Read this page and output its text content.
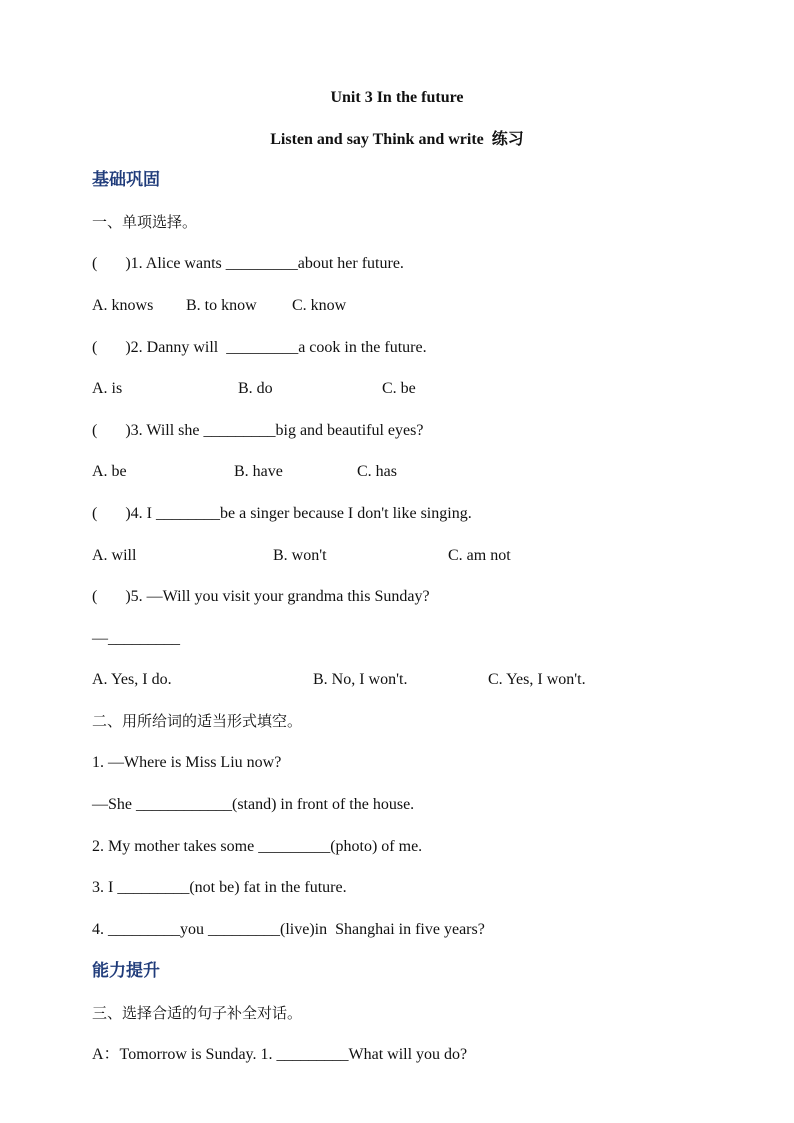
Unit 3 In the future
Listen and say Think and write  练习
基础巩固
一、单项选择。
(       )1. Alice wants _________about her future.
A. knows B. to know C. know
(       )2. Danny will  _________a cook in the future.
A. is	B. do	C. be
(       )3. Will she _________big and beautiful eyes?
A. be	B. have	C. has
(       )4. I ________be a singer because I don't like singing.
A. will	B. won't	C. am not
(       )5. —Will you visit your grandma this Sunday?
—_________
A. Yes, I do.	B. No, I won't.	C. Yes, I won't.
二、用所给词的适当形式填空。
1. —Where is Miss Liu now?
—She ____________(stand) in front of the house.
2. My mother takes some _________(photo) of me.
3. I _________(not be) fat in the future.
4. _________you _________(live)in  Shanghai in five years?
能力提升
三、选择合适的句子补全对话。
A：Tomorrow is Sunday. 1. _________What will you do?
